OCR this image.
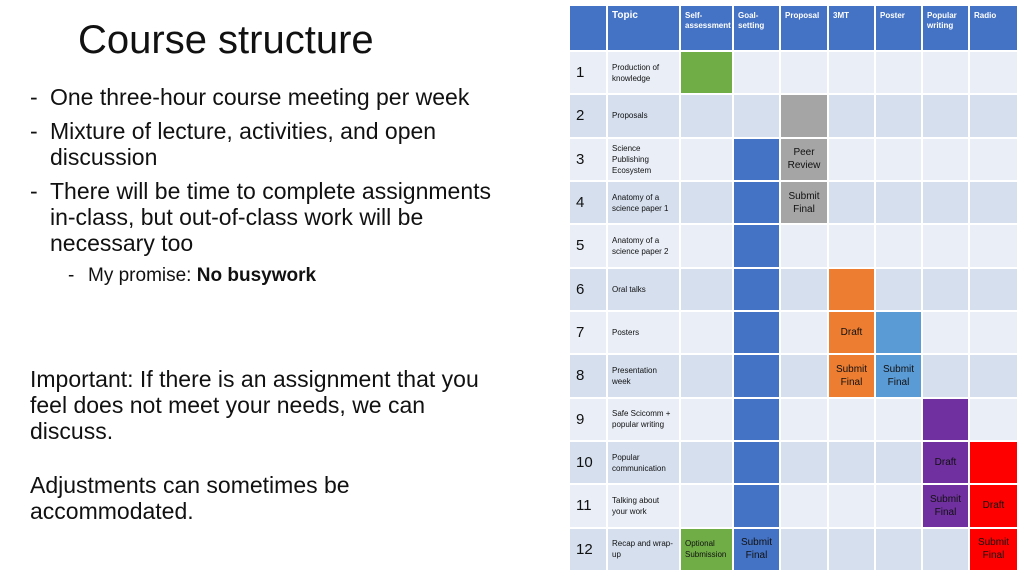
Course structure
- One three-hour course meeting per week
- Mixture of lecture, activities, and open discussion
- There will be time to complete assignments in-class, but out-of-class work will be necessary too
- My promise: No busywork

Important: If there is an assignment that you feel does not meet your needs, we can discuss.

Adjustments can sometimes be accommodated.

	Topic	Self-assessment	Goal-setting	Proposal	3MT	Poster	Popular writing	Radio
1	Production of knowledge							
2	Proposals							
3	Science Publishing Ecosystem			Peer Review				
4	Anatomy of a science paper 1			Submit Final				
5	Anatomy of a science paper 2							
6	Oral talks							
7	Posters				Draft			
8	Presentation week				Submit Final	Submit Final		
9	Safe Scicomm + popular writing							
10	Popular communication						Draft	
11	Talking about your work						Submit Final	Draft
12	Recap and wrap-up	Optional Submission	Submit Final					Submit Final
